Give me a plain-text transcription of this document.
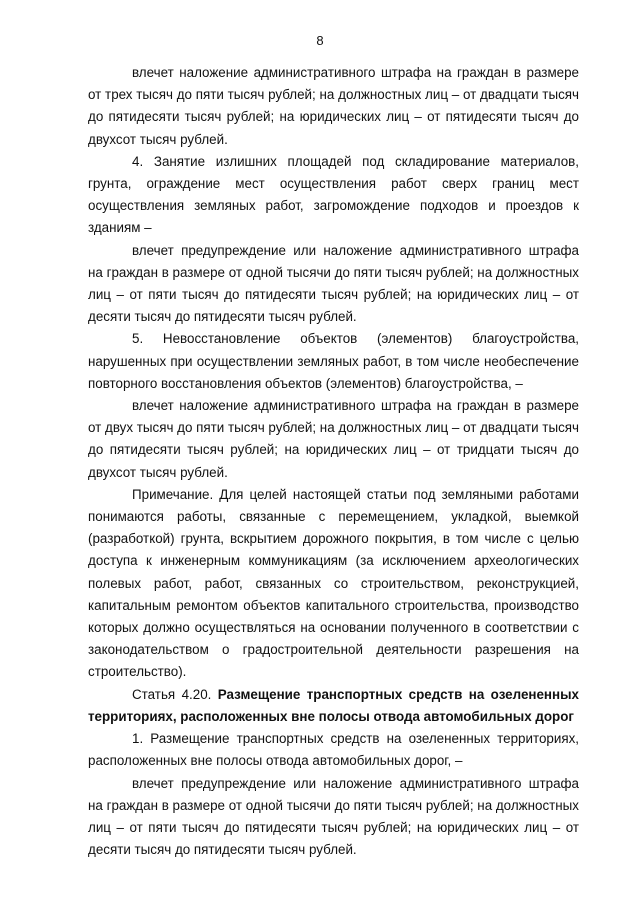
8

влечет наложение административного штрафа на граждан в размере от трех тысяч до пяти тысяч рублей; на должностных лиц – от двадцати тысяч до пятидесяти тысяч рублей; на юридических лиц – от пятидесяти тысяч до двухсот тысяч рублей.

4. Занятие излишних площадей под складирование материалов, грунта, ограждение мест осуществления работ сверх границ мест осуществления земляных работ, загромождение подходов и проездов к зданиям –

влечет предупреждение или наложение административного штрафа на граждан в размере от одной тысячи до пяти тысяч рублей; на должностных лиц – от пяти тысяч до пятидесяти тысяч рублей; на юридических лиц – от десяти тысяч до пятидесяти тысяч рублей.

5. Невосстановление объектов (элементов) благоустройства, нарушенных при осуществлении земляных работ, в том числе необеспечение повторного восстановления объектов (элементов) благоустройства, –

влечет наложение административного штрафа на граждан в размере от двух тысяч до пяти тысяч рублей; на должностных лиц – от двадцати тысяч до пятидесяти тысяч рублей; на юридических лиц – от тридцати тысяч до двухсот тысяч рублей.

Примечание. Для целей настоящей статьи под земляными работами понимаются работы, связанные с перемещением, укладкой, выемкой (разработкой) грунта, вскрытием дорожного покрытия, в том числе с целью доступа к инженерным коммуникациям (за исключением археологических полевых работ, работ, связанных со строительством, реконструкцией, капитальным ремонтом объектов капитального строительства, производство которых должно осуществляться на основании полученного в соответствии с законодательством о градостроительной деятельности разрешения на строительство).

Статья 4.20. Размещение транспортных средств на озелененных территориях, расположенных вне полосы отвода автомобильных дорог

1. Размещение транспортных средств на озелененных территориях, расположенных вне полосы отвода автомобильных дорог, –

влечет предупреждение или наложение административного штрафа на граждан в размере от одной тысячи до пяти тысяч рублей; на должностных лиц – от пяти тысяч до пятидесяти тысяч рублей; на юридических лиц – от десяти тысяч до пятидесяти тысяч рублей.
